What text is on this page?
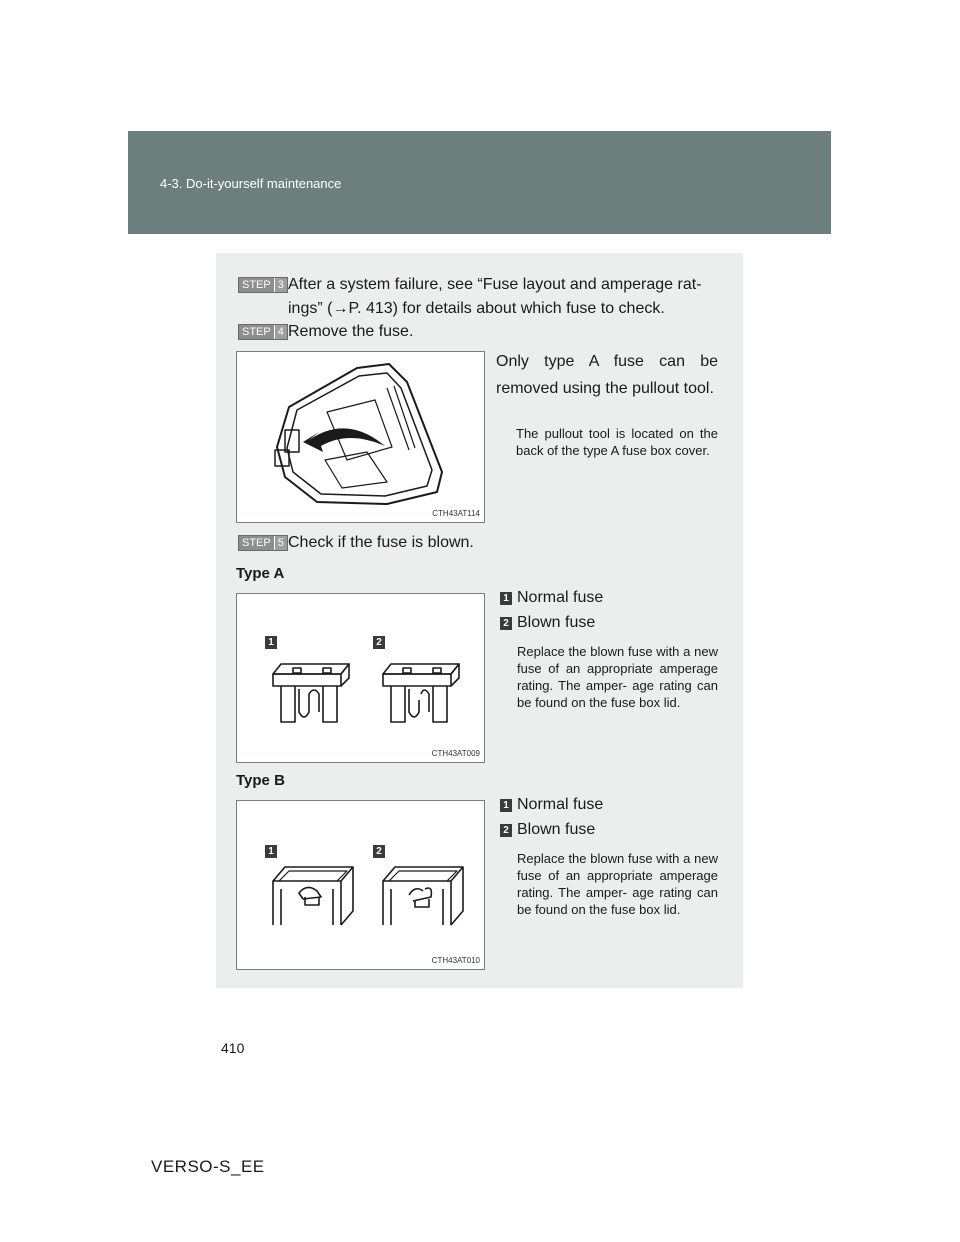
4-3. Do-it-yourself maintenance
STEP 3 After a system failure, see “Fuse layout and amperage rat-
ings” (→P. 413) for details about which fuse to check.
STEP 4 Remove the fuse.
CTH43AT114
Only type A fuse can be removed using the pullout tool.
The pullout tool is located on the back of the type A fuse box cover.
STEP 5 Check if the fuse is blown.
Type A
1	2
CTH43AT009
1 Normal fuse
2 Blown fuse
Replace the blown fuse with a new fuse of an appropriate amperage rating. The amper- age rating can be found on the fuse box lid.
Type B
1	2
CTH43AT010
1 Normal fuse
2 Blown fuse
Replace the blown fuse with a new fuse of an appropriate amperage rating. The amper- age rating can be found on the fuse box lid.
410
VERSO-S_EE
